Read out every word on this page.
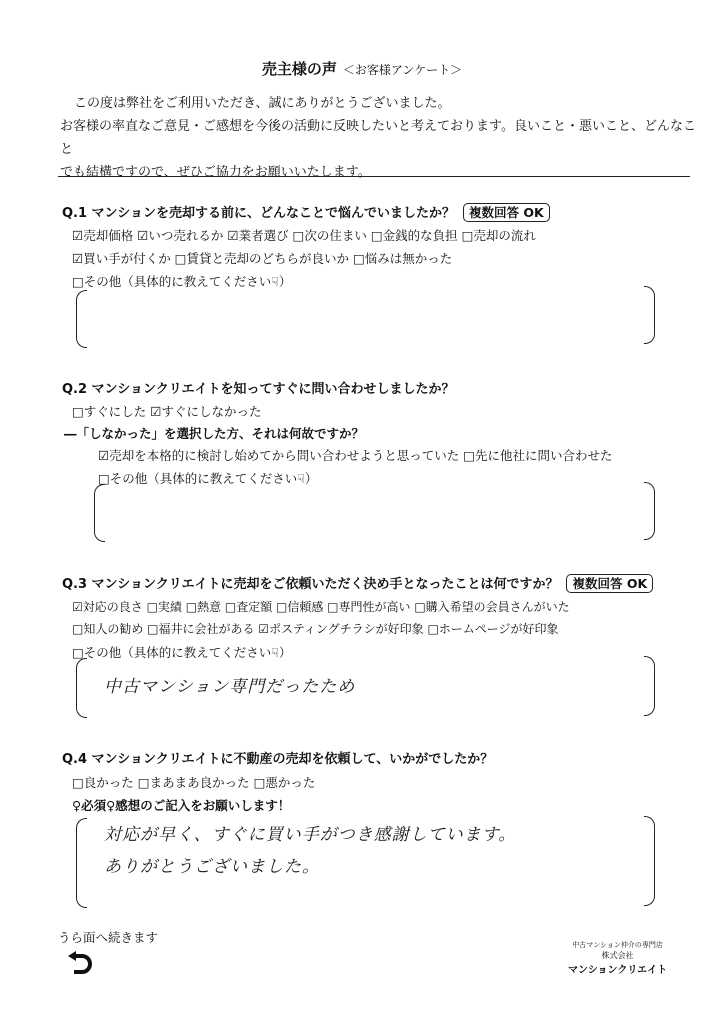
売主様の声 ＜お客様アンケート＞
この度は弊社をご利用いただき、誠にありがとうございました。
お客様の率直なご意見・ご感想を今後の活動に反映したいと考えております。良いこと・悪いこと、どんなこと
でも結構ですので、ぜひご協力をお願いいたします。
Q.1 マンションを売却する前に、どんなことで悩んでいましたか？ 複数回答 OK
☑売却価格 ☑いつ売れるか ☑業者選び □次の住まい □金銭的な負担 □売却の流れ
☑買い手が付くか □賃貸と売却のどちらが良いか □悩みは無かった
□その他（具体的に教えてください☟）
Q.2 マンションクリエイトを知ってすぐに問い合わせしましたか？
□すぐにした ☑すぐにしなかった
―「しなかった」を選択した方、それは何故ですか？
☑売却を本格的に検討し始めてから問い合わせようと思っていた □先に他社に問い合わせた
□その他（具体的に教えてください☟）
Q.3 マンションクリエイトに売却をご依頼いただく決め手となったことは何ですか？ 複数回答 OK
☑対応の良さ □実績 □熱意 □査定額 □信頼感 □専門性が高い □購入希望の会員さんがいた
□知人の勧め □福井に会社がある ☑ポスティングチラシが好印象 □ホームページが好印象
□その他（具体的に教えてください☟）
中古マンション専門だったため
Q.4 マンションクリエイトに不動産の売却を依頼して、いかがでしたか？
□良かった □まあまあ良かった □悪かった
♀必須♀感想のご記入をお願いします！
対応が早く、すぐに買い手がつき感謝しています。
ありがとうございました。
うら面へ続きます	中古マンション仲介の専門店
株式会社
マンションクリエイト
